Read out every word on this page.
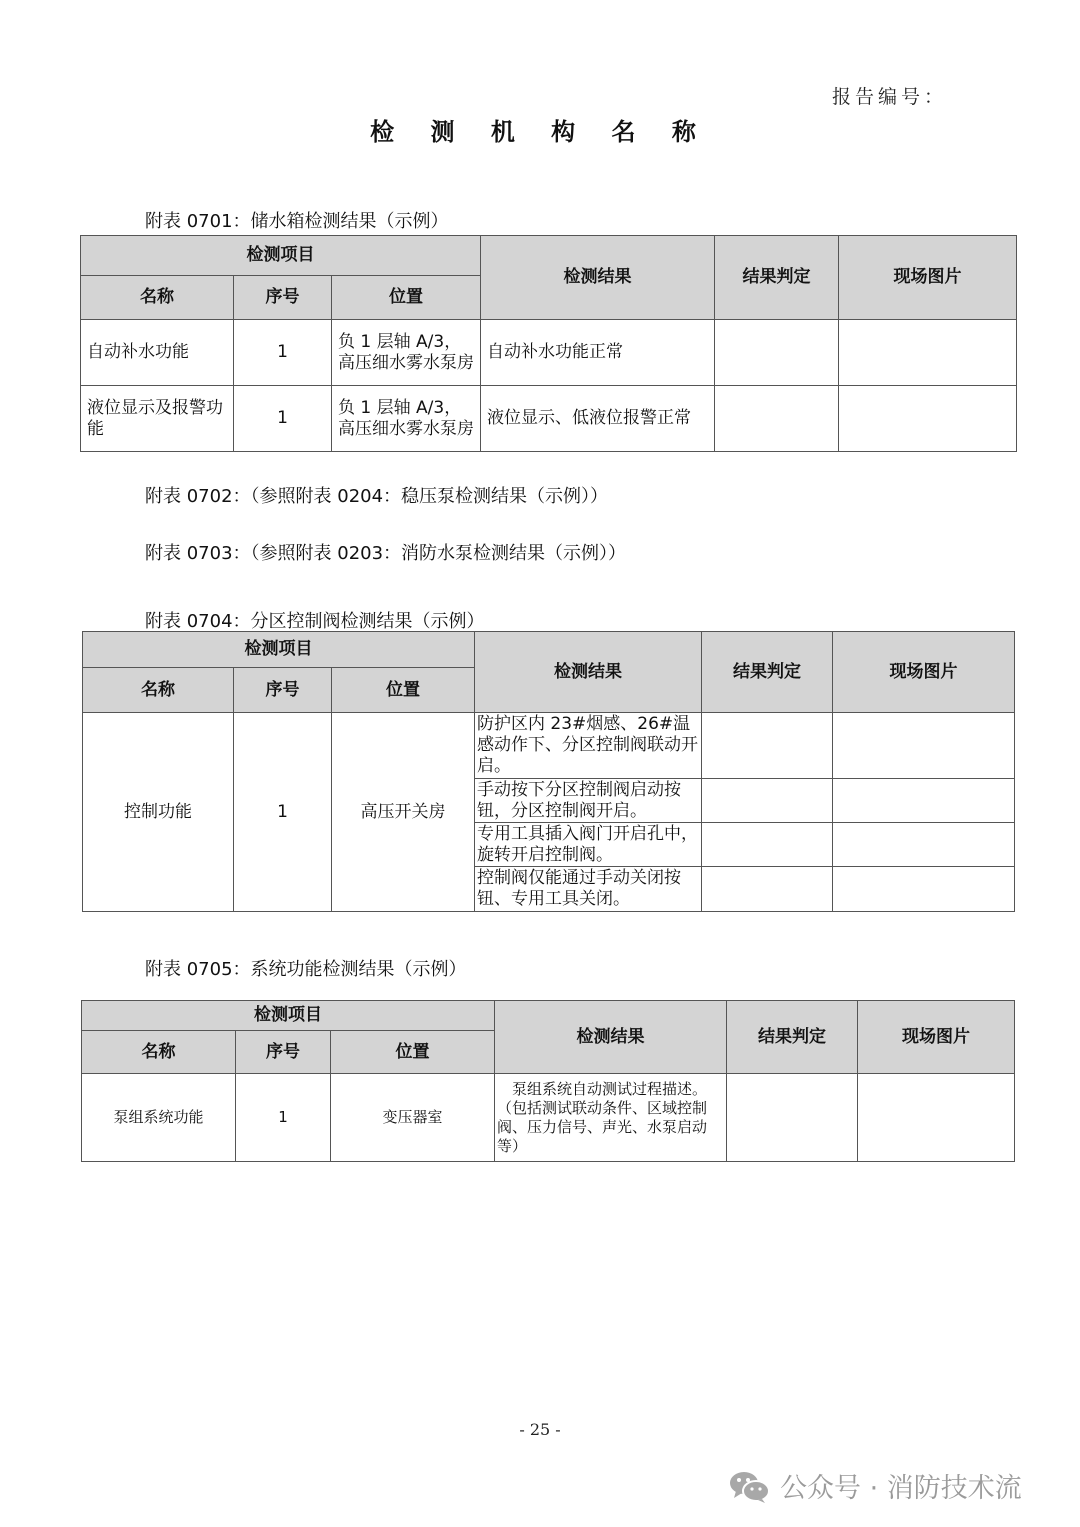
报告编号：
检 测 机 构 名 称
附表 0701：储水箱检测结果（示例）
检测项目			检测结果	结果判定	现场图片
名称	序号	位置			
自动补水功能	1	负 1 层轴 A/3，高压细水雾水泵房	自动补水功能正常		
液位显示及报警功能	1	负 1 层轴 A/3，高压细水雾水泵房	液位显示、低液位报警正常		
附表 0702：（参照附表 0204：稳压泵检测结果（示例））
附表 0703：（参照附表 0203：消防水泵检测结果（示例））
附表 0704：分区控制阀检测结果（示例）
检测项目			检测结果	结果判定	现场图片
名称	序号	位置			
控制功能	1	高压开关房	防护区内 23#烟感、26#温感动作下、分区控制阀联动开启。		
			手动按下分区控制阀启动按钮，分区控制阀开启。		
			专用工具插入阀门开启孔中，旋转开启控制阀。		
			控制阀仅能通过手动关闭按钮、专用工具关闭。		
附表 0705：系统功能检测结果（示例）
检测项目			检测结果	结果判定	现场图片
名称	序号	位置			
泵组系统功能	1	变压器室	泵组系统自动测试过程描述。（包括测试联动条件、区域控制阀、压力信号、声光、水泵启动等）		
- 25 -
公众号 · 消防技术流
